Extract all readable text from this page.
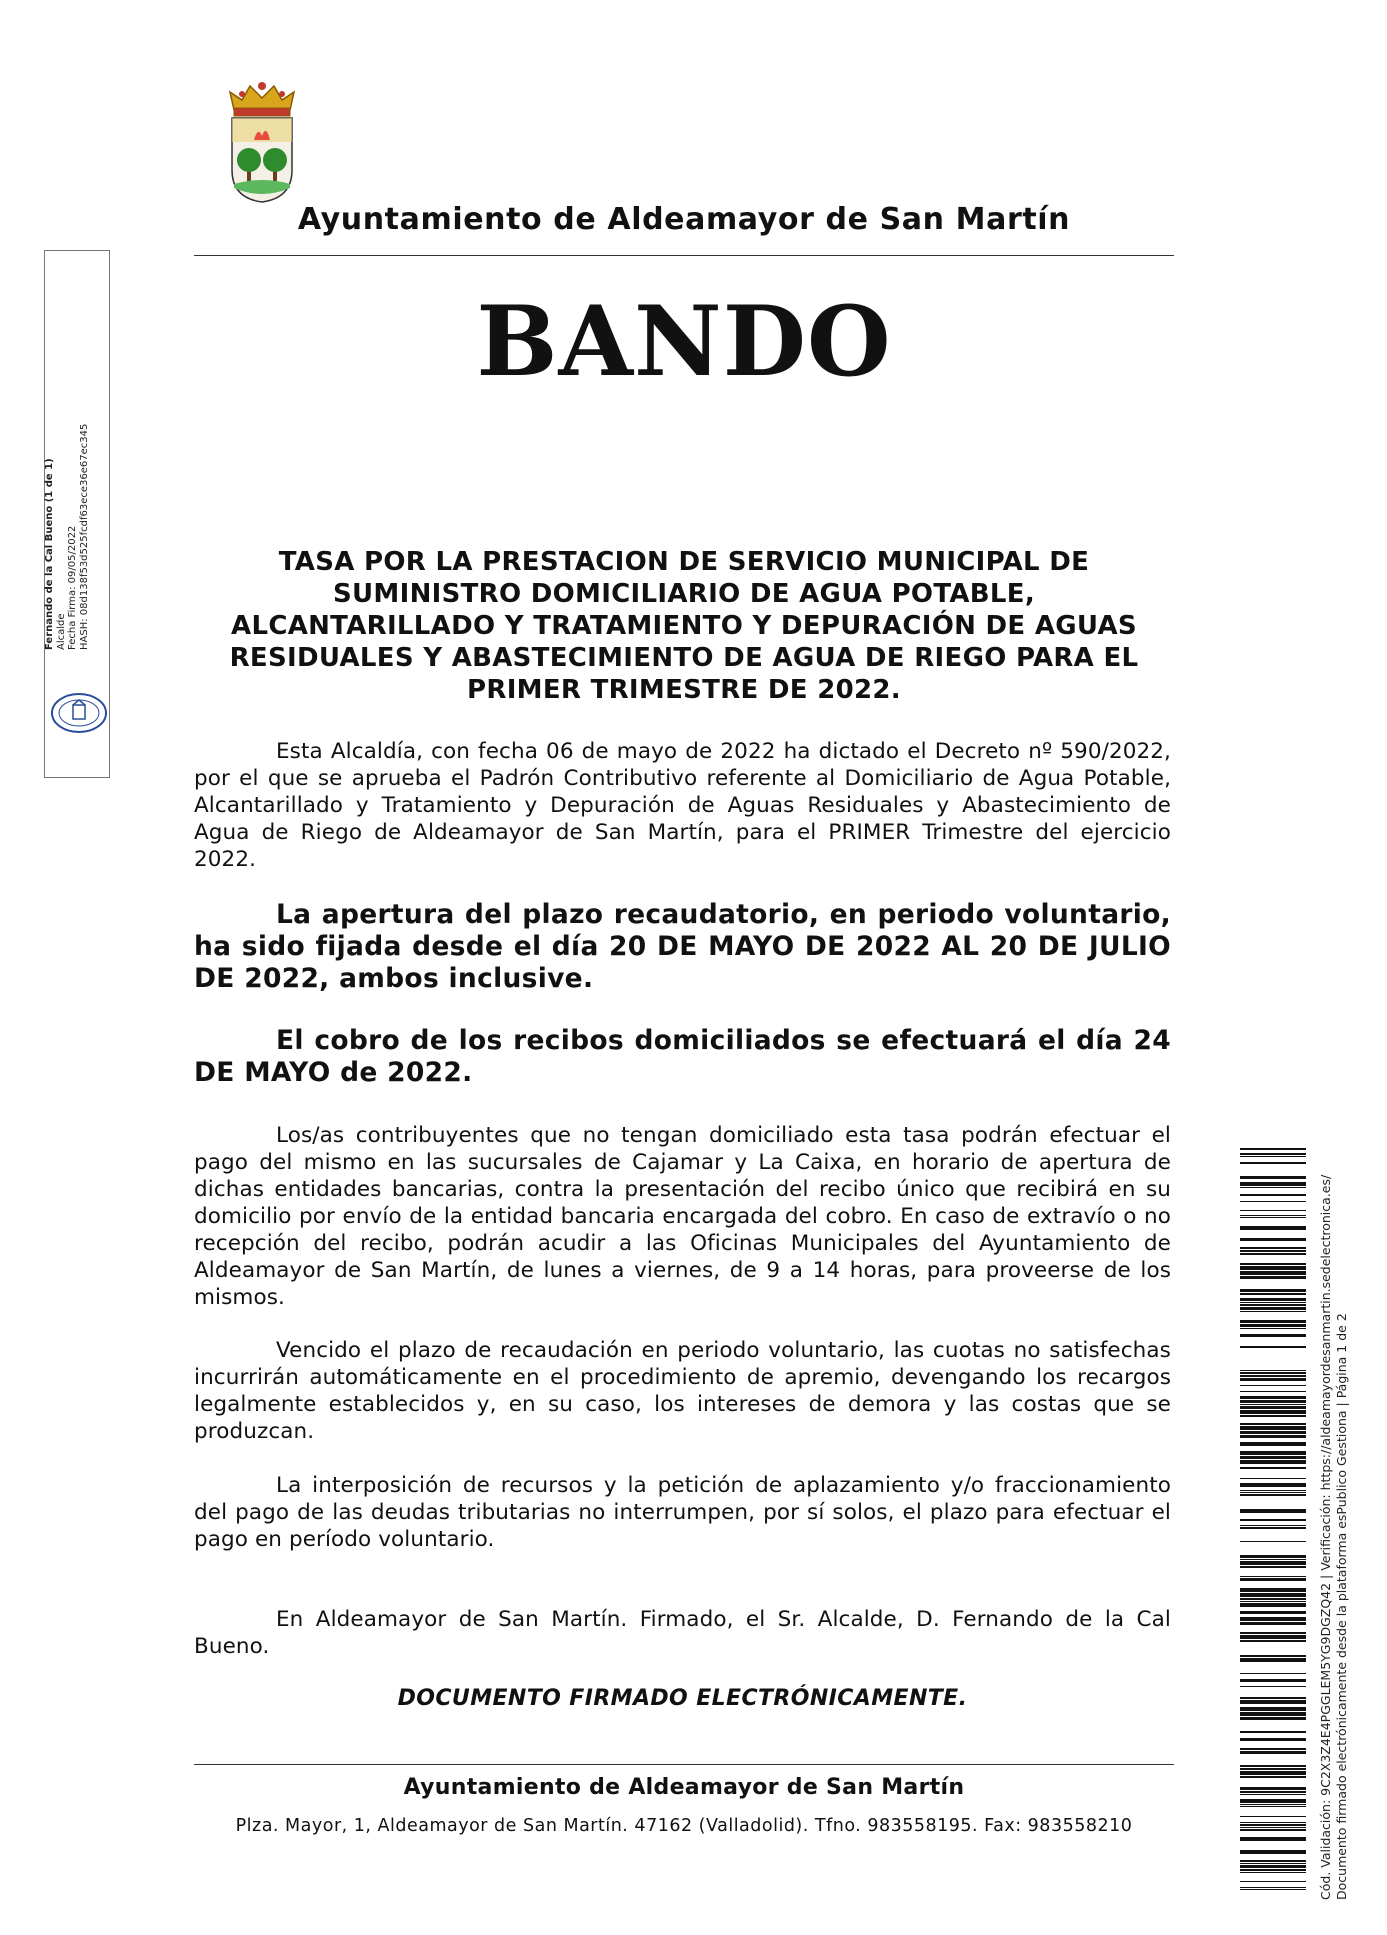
Ayuntamiento de Aldeamayor de San Martín
BANDO
TASA POR LA PRESTACION DE SERVICIO MUNICIPAL DE
SUMINISTRO DOMICILIARIO DE AGUA POTABLE,
ALCANTARILLADO Y TRATAMIENTO Y DEPURACIÓN DE AGUAS
RESIDUALES Y ABASTECIMIENTO DE AGUA DE RIEGO PARA EL
PRIMER TRIMESTRE DE 2022.
Esta Alcaldía, con fecha 06 de mayo de 2022 ha dictado el Decreto nº 590/2022, por el que se aprueba el Padrón Contributivo referente al Domiciliario de Agua Potable, Alcantarillado y Tratamiento y Depuración de Aguas Residuales y Abastecimiento de Agua de Riego de Aldeamayor de San Martín, para el PRIMER Trimestre del ejercicio 2022.
La apertura del plazo recaudatorio, en periodo voluntario, ha sido fijada desde el día 20 DE MAYO DE 2022 AL 20 DE JULIO DE 2022, ambos inclusive.
El cobro de los recibos domiciliados se efectuará el día 24 DE MAYO de 2022.
Los/as contribuyentes que no tengan domiciliado esta tasa podrán efectuar el pago del mismo en las sucursales de Cajamar y La Caixa, en horario de apertura de dichas entidades bancarias, contra la presentación del recibo único que recibirá en su domicilio por envío de la entidad bancaria encargada del cobro. En caso de extravío o no recepción del recibo, podrán acudir a las Oficinas Municipales del Ayuntamiento de Aldeamayor de San Martín, de lunes a viernes, de 9 a 14 horas, para proveerse de los mismos.
Vencido el plazo de recaudación en periodo voluntario, las cuotas no satisfechas incurrirán automáticamente en el procedimiento de apremio, devengando los recargos legalmente establecidos y, en su caso, los intereses de demora y las costas que se produzcan.
La interposición de recursos y la petición de aplazamiento y/o fraccionamiento del pago de las deudas tributarias no interrumpen, por sí solos, el plazo para efectuar el pago en período voluntario.
En Aldeamayor de San Martín. Firmado, el Sr. Alcalde, D. Fernando de la Cal Bueno.
DOCUMENTO FIRMADO ELECTRÓNICAMENTE.
Ayuntamiento de Aldeamayor de San Martín
Plza. Mayor, 1, Aldeamayor de San Martín. 47162 (Valladolid). Tfno. 983558195. Fax: 983558210
Fernando de la Cal Bueno (1 de 1) Alcalde Fecha Firma: 09/05/2022 HASH: 08d138f53d525fcdf63ece36e67ec345
Cód. Validación: 9C2X3Z4E4PGGLEM5YG9DGZQ42 | Verificación: https://aldeamayordesanmartin.sedelectronica.es/ Documento firmado electrónicamente desde la plataforma esPublico Gestiona | Página 1 de 2
